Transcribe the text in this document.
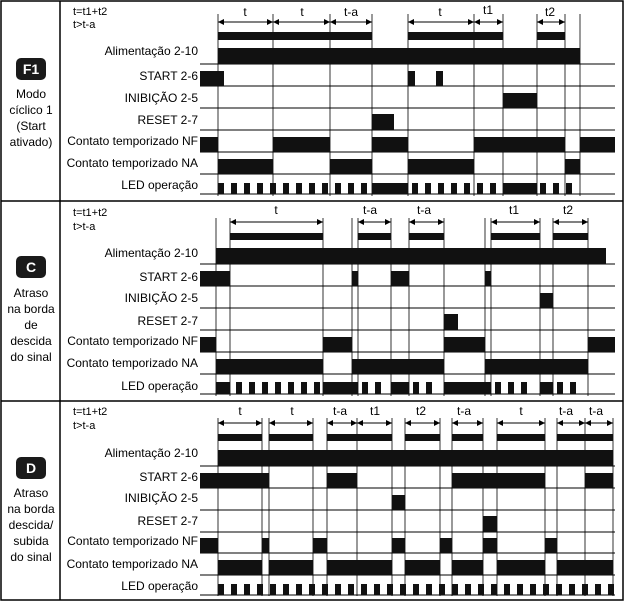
F1
Modo
cíclico 1
(Start
ativado)
t=t1+t2
t>t-a
Alimentação 2-10
START 2-6
INIBIÇÃO 2-5
RESET 2-7
Contato temporizado NF
Contato temporizado NA
LED operação
t	t	t-a	t	t1	t2
C
Atraso
na borda
de
descida
do sinal
t=t1+t2
t>t-a
Alimentação 2-10
START 2-6
INIBIÇÃO 2-5
RESET 2-7
Contato temporizado NF
Contato temporizado NA
LED operação
t	t-a	t-a	t1	t2
D
Atraso
na borda
descida/
subida
do sinal
t=t1+t2
t>t-a
Alimentação 2-10
START 2-6
INIBIÇÃO 2-5
RESET 2-7
Contato temporizado NF
Contato temporizado NA
LED operação
t	t	t-a t1	t2	t-a	t	t-a t-a
